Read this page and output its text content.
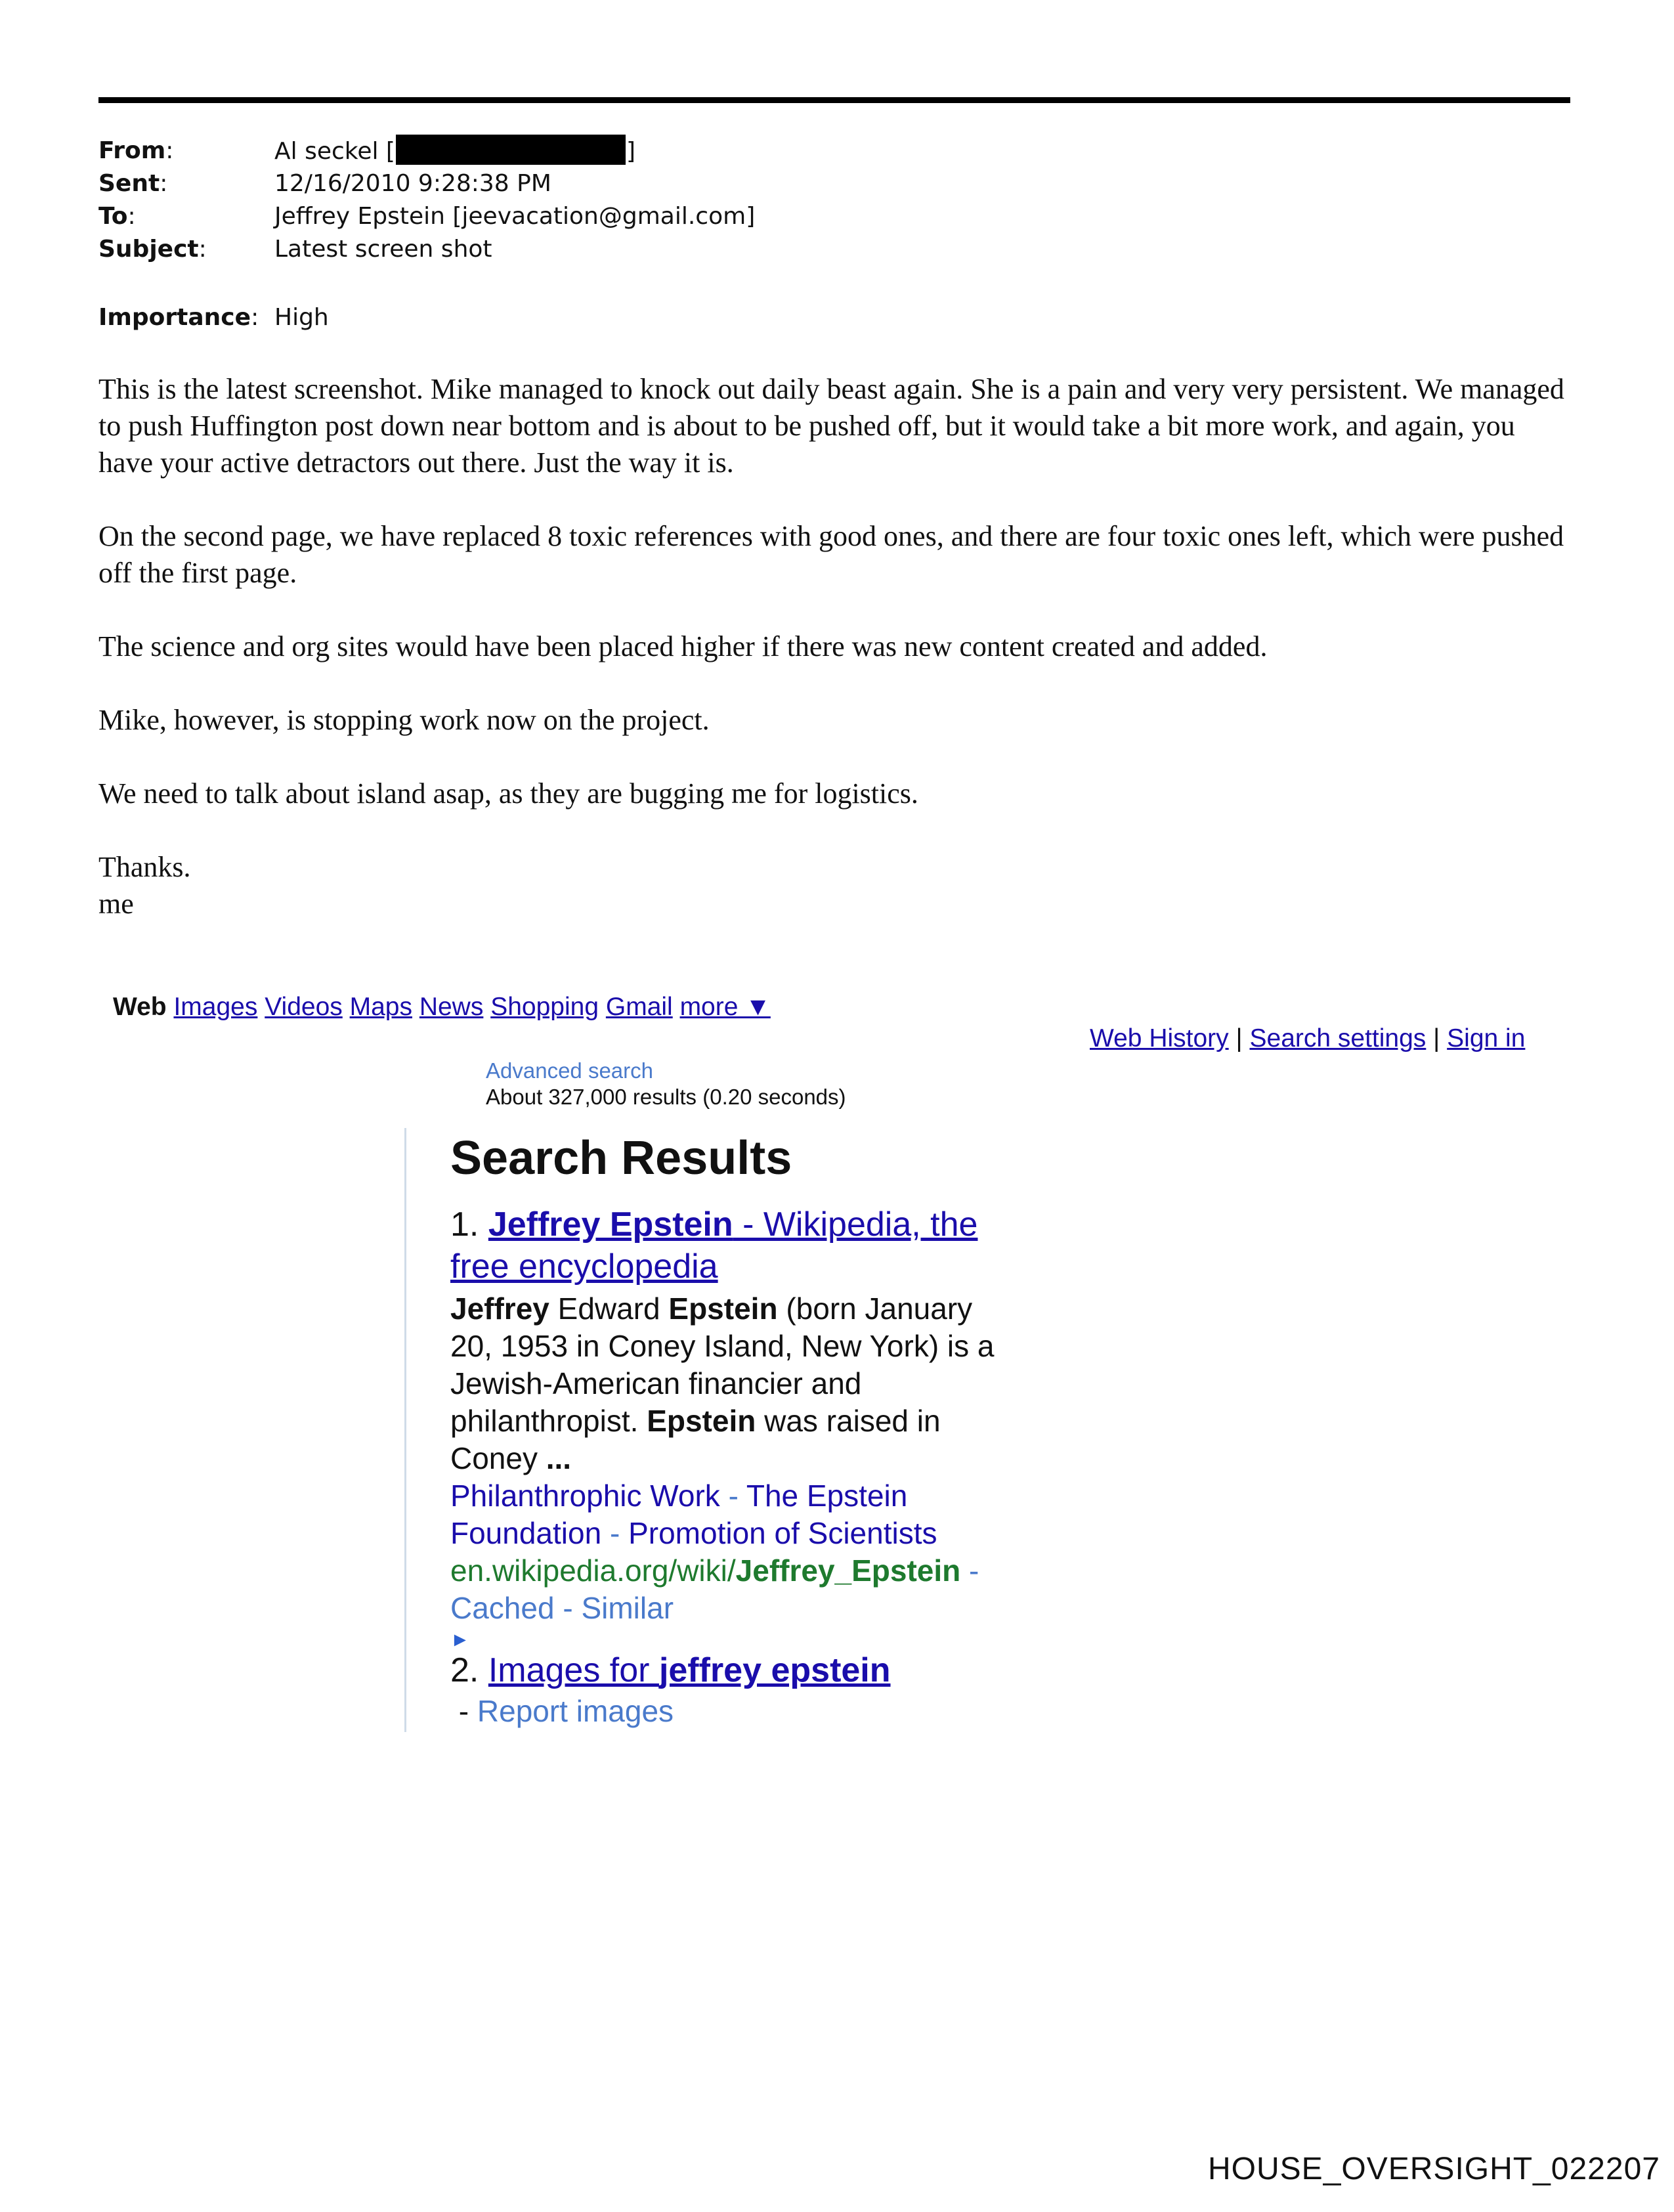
From:	Al seckel [	]
Sent:	12/16/2010 9:28:38 PM
To:	Jeffrey Epstein [jeevacation@gmail.com]
Subject:	Latest screen shot
Importance: High

This is the latest screenshot. Mike managed to knock out daily beast again. She is a pain and very very persistent. We managed to push Huffington post down near bottom and is about to be pushed off, but it would take a bit more work, and again, you have your active detractors out there. Just the way it is.

On the second page, we have replaced 8 toxic references with good ones, and there are four toxic ones left, which were pushed off the first page.

The science and org sites would have been placed higher if there was new content created and added.

Mike, however, is stopping work now on the project.

We need to talk about island asap, as they are bugging me for logistics.

Thanks.

me

Web Images Videos Maps News Shopping Gmail more ▼
Web History | Search settings | Sign in
Advanced search
About 327,000 results (0.20 seconds)
Search Results
1. Jeffrey Epstein - Wikipedia, the
free encyclopedia
Jeffrey Edward Epstein (born January
20, 1953 in Coney Island, New York) is a
Jewish-American financier and
philanthropist. Epstein was raised in
Coney ...
Philanthrophic Work - The Epstein
Foundation - Promotion of Scientists
en.wikipedia.org/wiki/Jeffrey_Epstein -
Cached - Similar
►
2. Images for jeffrey epstein
- Report images
HOUSE_OVERSIGHT_022207
